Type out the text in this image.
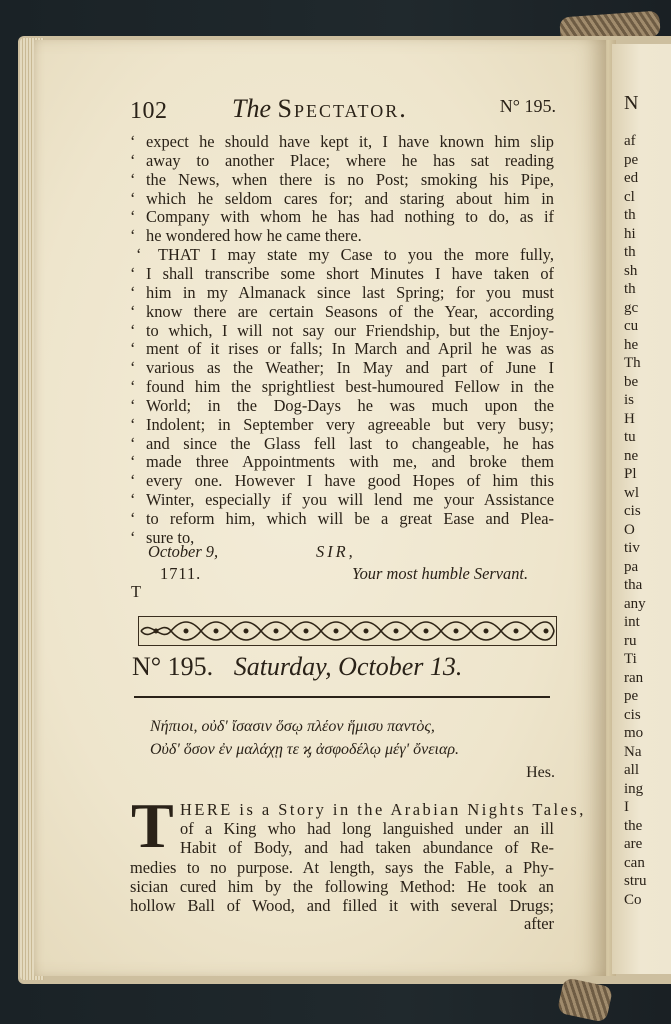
N
af
pe
ed
cl
th
hi
th
sh
th
gc
cu
he
Th
be
is
H
tu
ne
Pl
wl
cis
O
tiv
pa
tha
any
int
ru
Ti
ran
pe
cis
mo
Na
all
ing
I
the
are
can
stru
Co
102 The Spectator.	N° 195.
‘ expect he should have kept it, I have known him slip
‘ away to another Place; where he has sat reading
‘ the News, when there is no Post; smoking his Pipe,
‘ which he seldom cares for; and staring about him in
‘ Company with whom he has had nothing to do, as if
‘ he wondered how he came there.
‘ THAT I may state my Case to you the more fully,
‘ I shall transcribe some short Minutes I have taken of
‘ him in my Almanack since last Spring; for you must
‘ know there are certain Seasons of the Year, according
‘ to which, I will not say our Friendship, but the Enjoy-
‘ ment of it rises or falls; In March and April he was as
‘ various as the Weather; In May and part of June I
‘ found him the sprightliest best-humoured Fellow in the
‘ World; in the Dog-Days he was much upon the
‘ Indolent; in September very agreeable but very busy;
‘ and since the Glass fell last to changeable, he has
‘ made three Appointments with me, and broke them
‘ every one. However I have good Hopes of him this
‘ Winter, especially if you will lend me your Assistance
‘ to reform him, which will be a great Ease and Plea-
‘ sure to,
October 9,
1711.
SIR,
Your most humble Servant.
T
N° 195. Saturday, October 13.
Νήπιοι, οὐδ' ἴσασιν ὅσῳ πλέον ἥμισυ παντὸς,
Οὐδ' ὅσον ἐν μαλάχῃ τε ϗ ἀσφοδέλῳ μέγ' ὄνειαρ.
Hes.
T HERE is a Story in the Arabian Nights Tales,
of a King who had long languished under an ill
Habit of Body, and had taken abundance of Re-
medies to no purpose. At length, says the Fable, a Phy-
sician cured him by the following Method: He took an
hollow Ball of Wood, and filled it with several Drugs;
after
